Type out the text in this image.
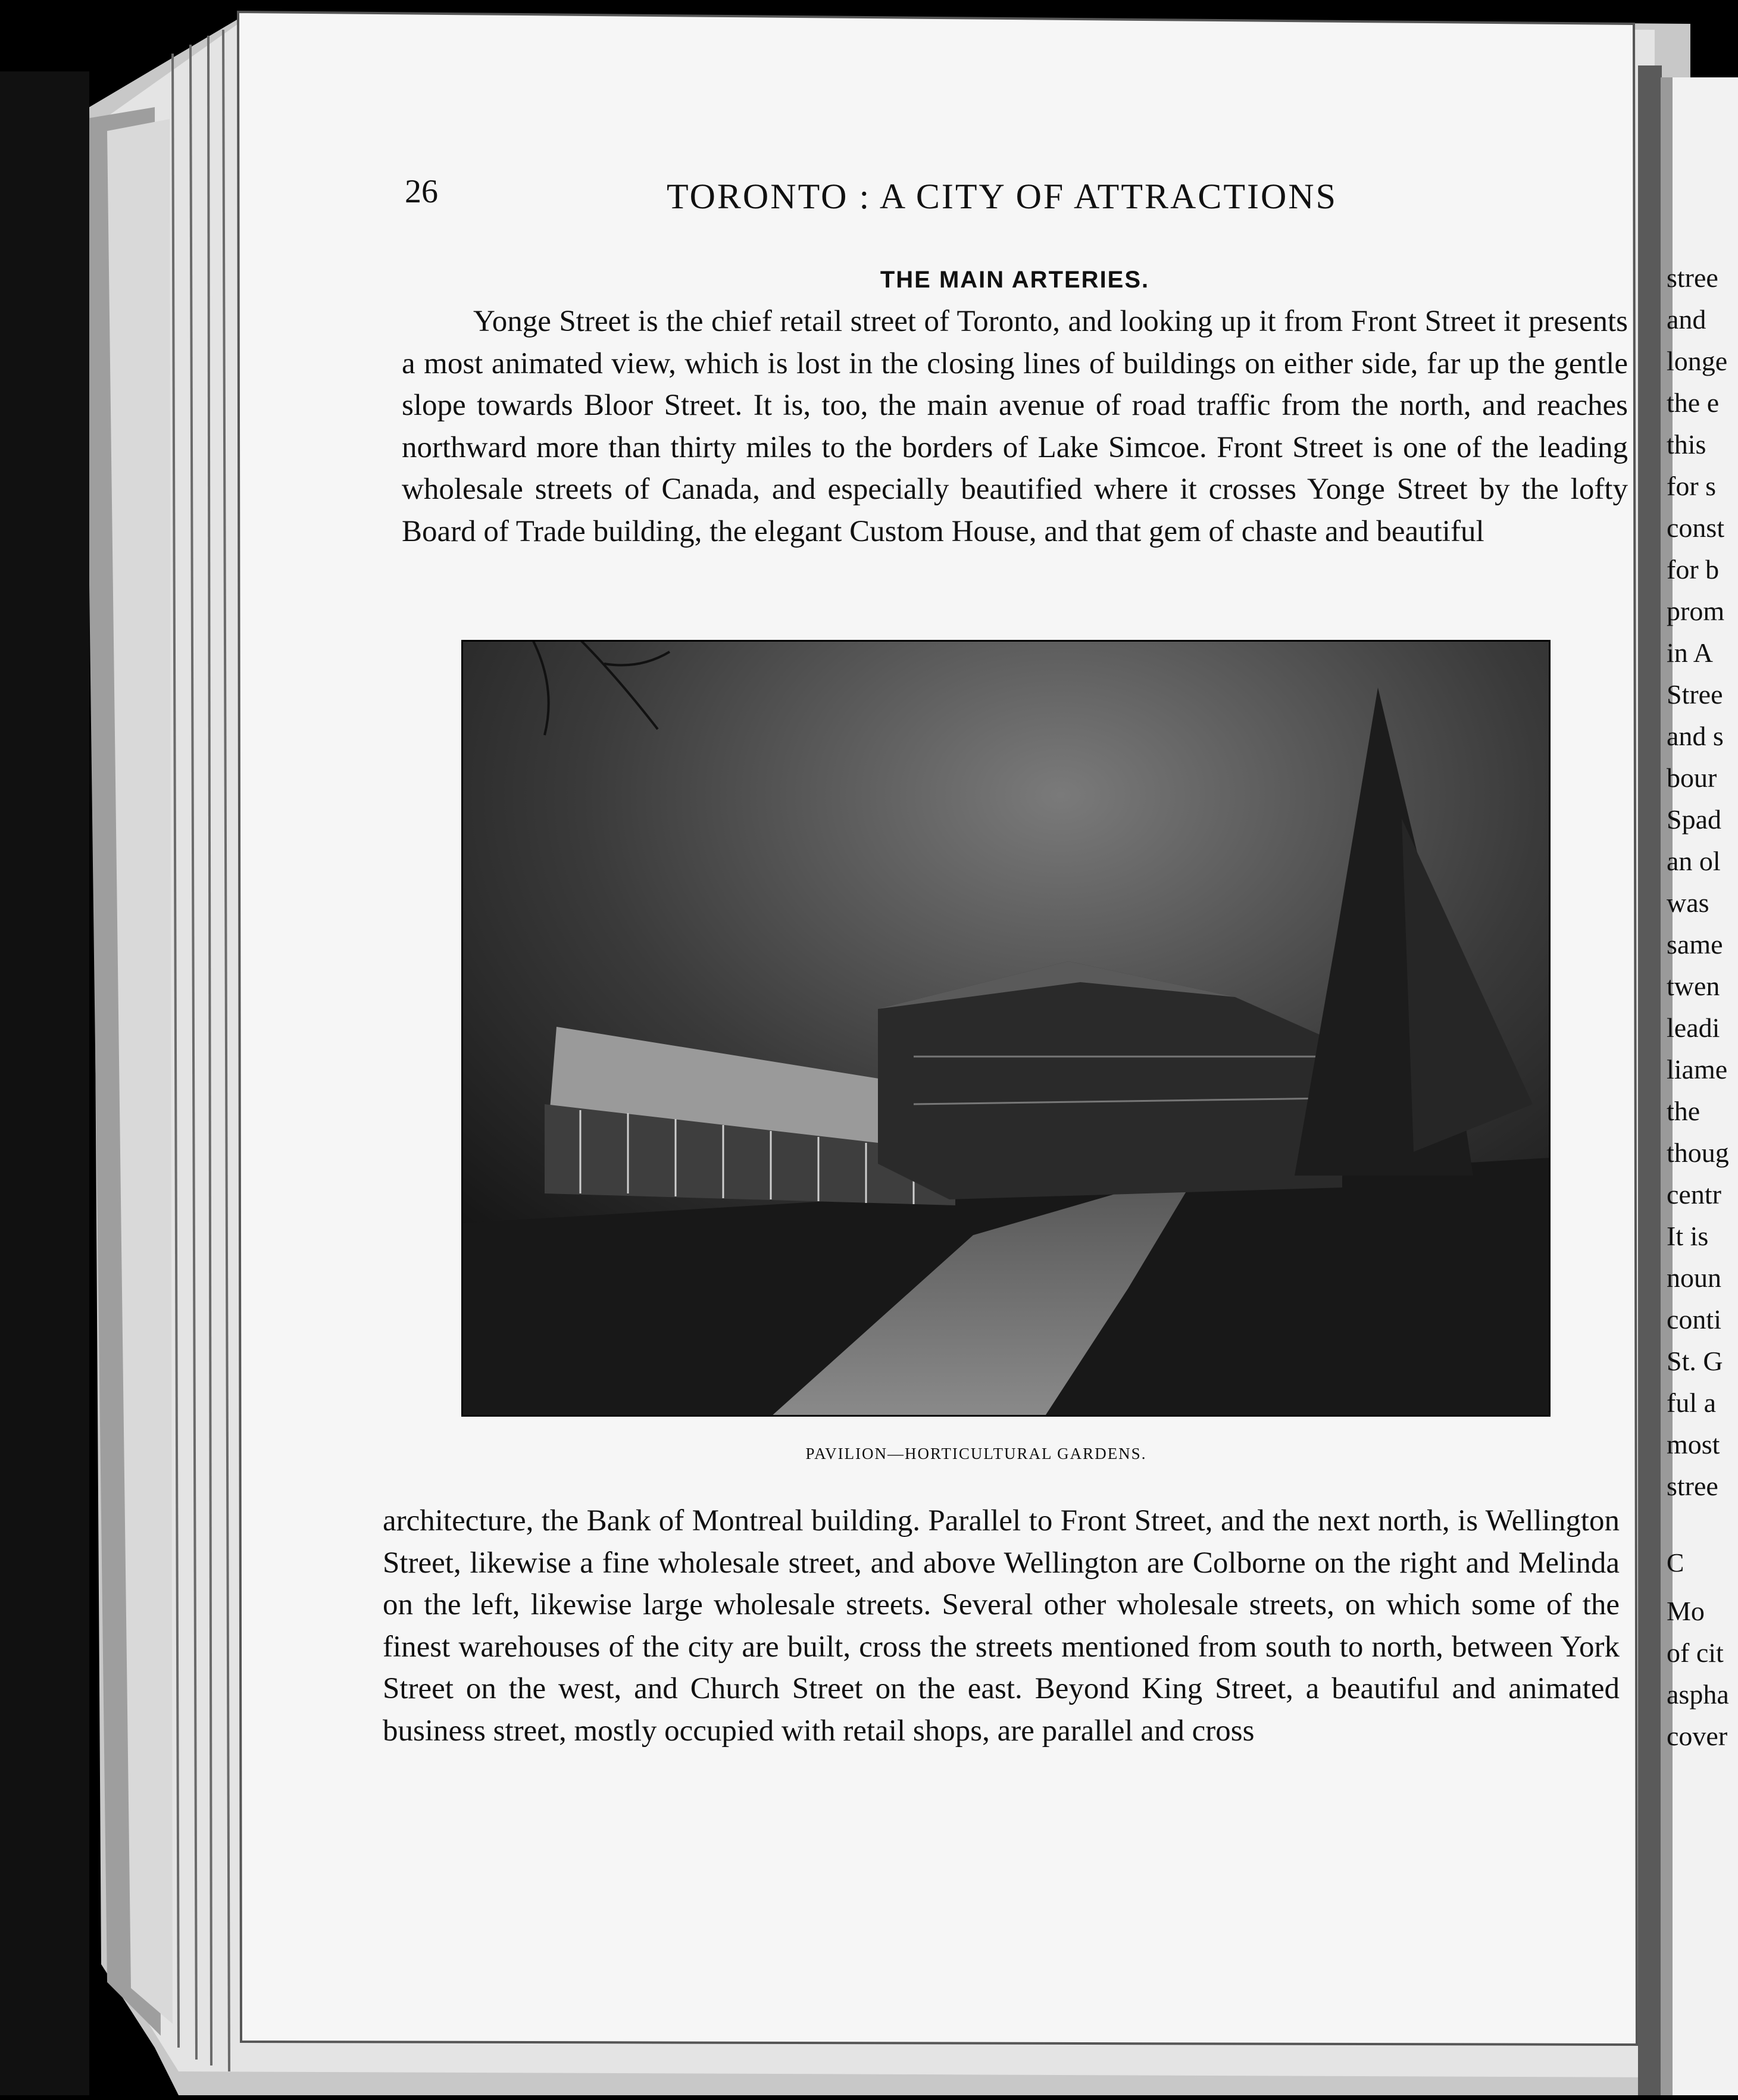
26	TORONTO : A CITY OF ATTRACTIONS
THE MAIN ARTERIES.

Yonge Street is the chief retail street of Toronto, and looking up it from Front Street it presents a most animated view, which is lost in the closing lines of buildings on either side, far up the gentle slope towards Bloor Street. It is, too, the main avenue of road traffic from the north, and reaches northward more than thirty miles to the borders of Lake Simcoe. Front Street is one of the leading wholesale streets of Canada, and especially beautified where it crosses Yonge Street by the lofty Board of Trade building, the elegant Custom House, and that gem of chaste and beautiful

PAVILION—HORTICULTURAL GARDENS.

architecture, the Bank of Montreal building. Parallel to Front Street, and the next north, is Wellington Street, likewise a fine wholesale street, and above Wellington are Colborne on the right and Melinda on the left, likewise large wholesale streets. Several other wholesale streets, on which some of the finest warehouses of the city are built, cross the streets mentioned from south to north, between York Street on the west, and Church Street on the east. Beyond King Street, a beautiful and animated business street, mostly occupied with retail shops, are parallel and cross

stree
and
longe
the e
this
for s
const
for b
prom
in A
Stree
and s
bour
Spad
an ol
was
same
twen
leadi
liame
the
thoug
centr
It is
noun
conti
St. G
ful a
most
stree
C
Mo
of cit
aspha
cover
